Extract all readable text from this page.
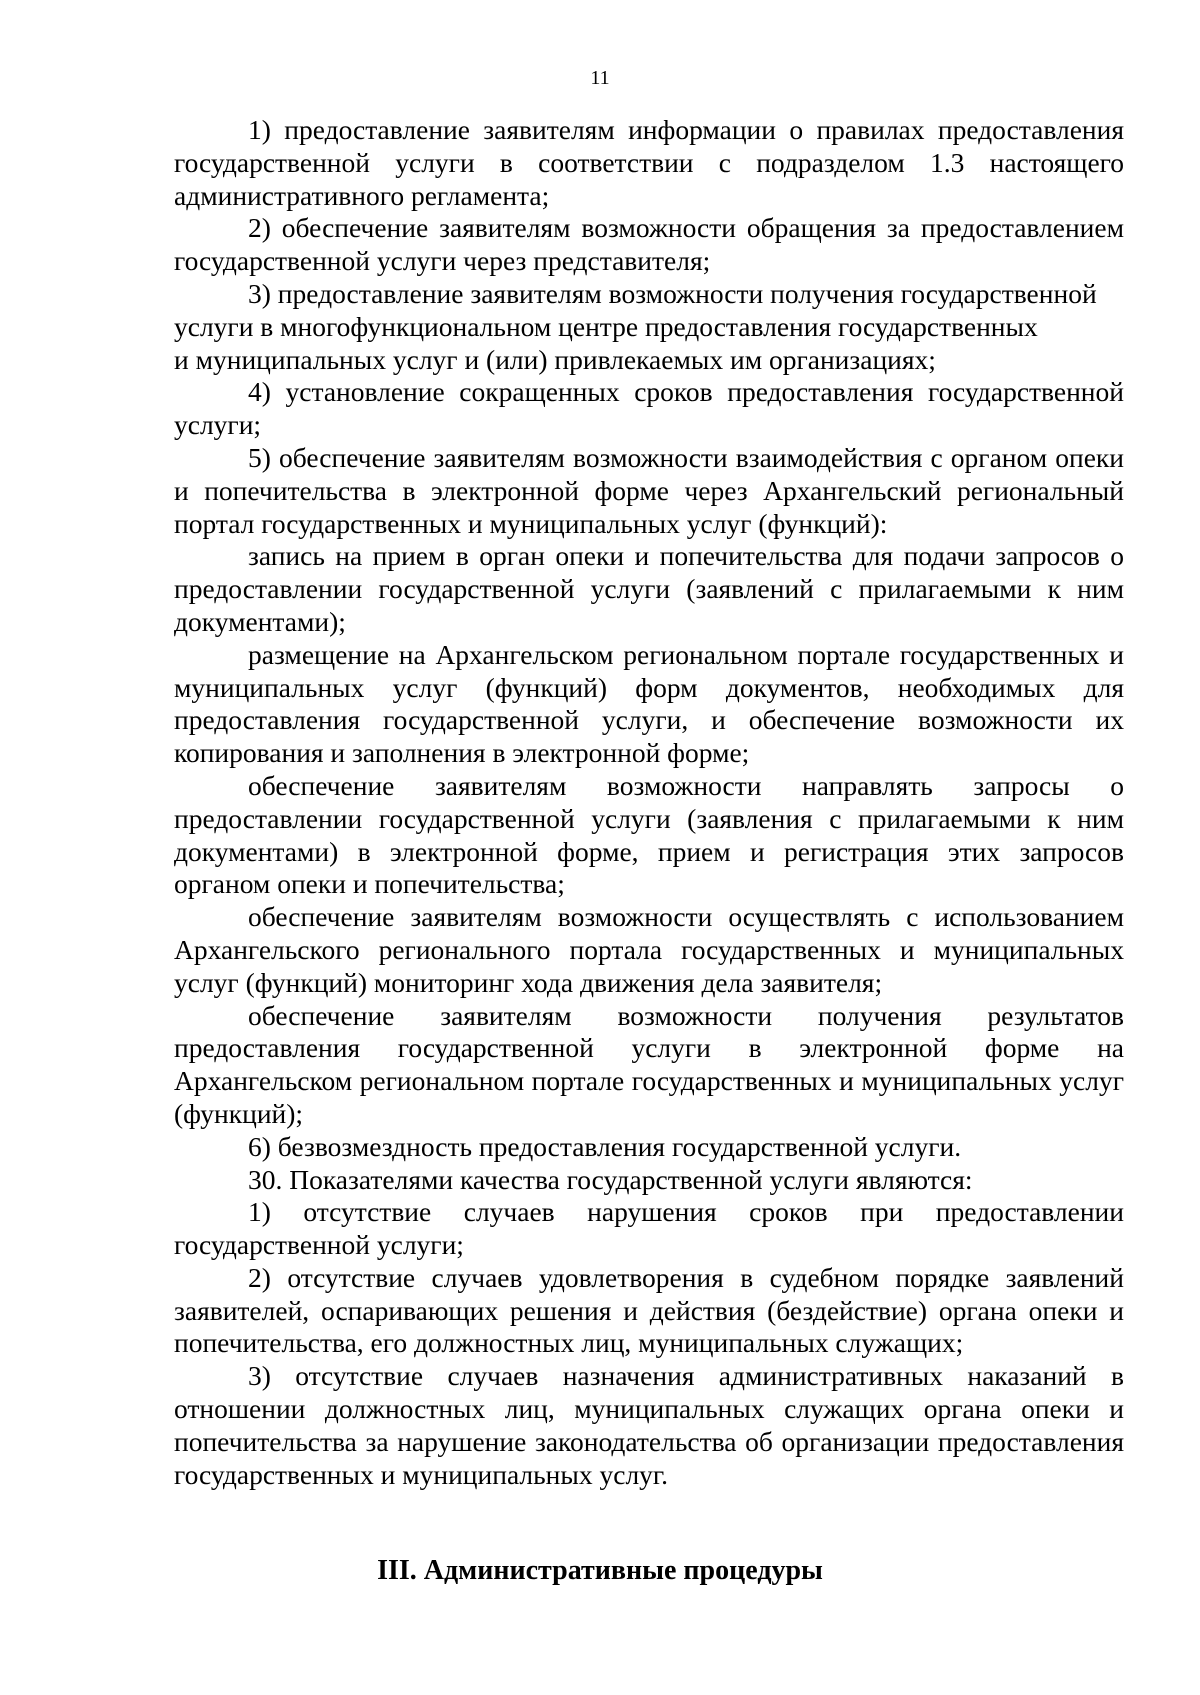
11

1) предоставление заявителям информации о правилах предоставления государственной услуги в соответствии с подразделом 1.3 настоящего административного регламента;

2) обеспечение заявителям возможности обращения за предоставлением государственной услуги через представителя;

3) предоставление заявителям возможности получения государственной услуги в многофункциональном центре предоставления государственных

и муниципальных услуг и (или) привлекаемых им организациях;

4) установление сокращенных сроков предоставления государственной услуги;

5) обеспечение заявителям возможности взаимодействия с органом опеки и попечительства в электронной форме через Архангельский региональный портал государственных и муниципальных услуг (функций):

запись на прием в орган опеки и попечительства для подачи запросов о предоставлении государственной услуги (заявлений с прилагаемыми к ним документами);

размещение на Архангельском региональном портале государственных и муниципальных услуг (функций) форм документов, необходимых для предоставления государственной услуги, и обеспечение возможности их копирования и заполнения в электронной форме;

обеспечение заявителям возможности направлять запросы о предоставлении государственной услуги (заявления с прилагаемыми к ним документами) в электронной форме, прием и регистрация этих запросов органом опеки и попечительства;

обеспечение заявителям возможности осуществлять с использованием Архангельского регионального портала государственных и муниципальных услуг (функций) мониторинг хода движения дела заявителя;

обеспечение заявителям возможности получения результатов предоставления государственной услуги в электронной форме на Архангельском региональном портале государственных и муниципальных услуг (функций);

6) безвозмездность предоставления государственной услуги.

30. Показателями качества государственной услуги являются:

1) отсутствие случаев нарушения сроков при предоставлении государственной услуги;

2) отсутствие случаев удовлетворения в судебном порядке заявлений заявителей, оспаривающих решения и действия (бездействие) органа опеки и попечительства, его должностных лиц, муниципальных служащих;

3) отсутствие случаев назначения административных наказаний в отношении должностных лиц, муниципальных служащих органа опеки и попечительства за нарушение законодательства об организации предоставления государственных и муниципальных услуг.

III. Административные процедуры
